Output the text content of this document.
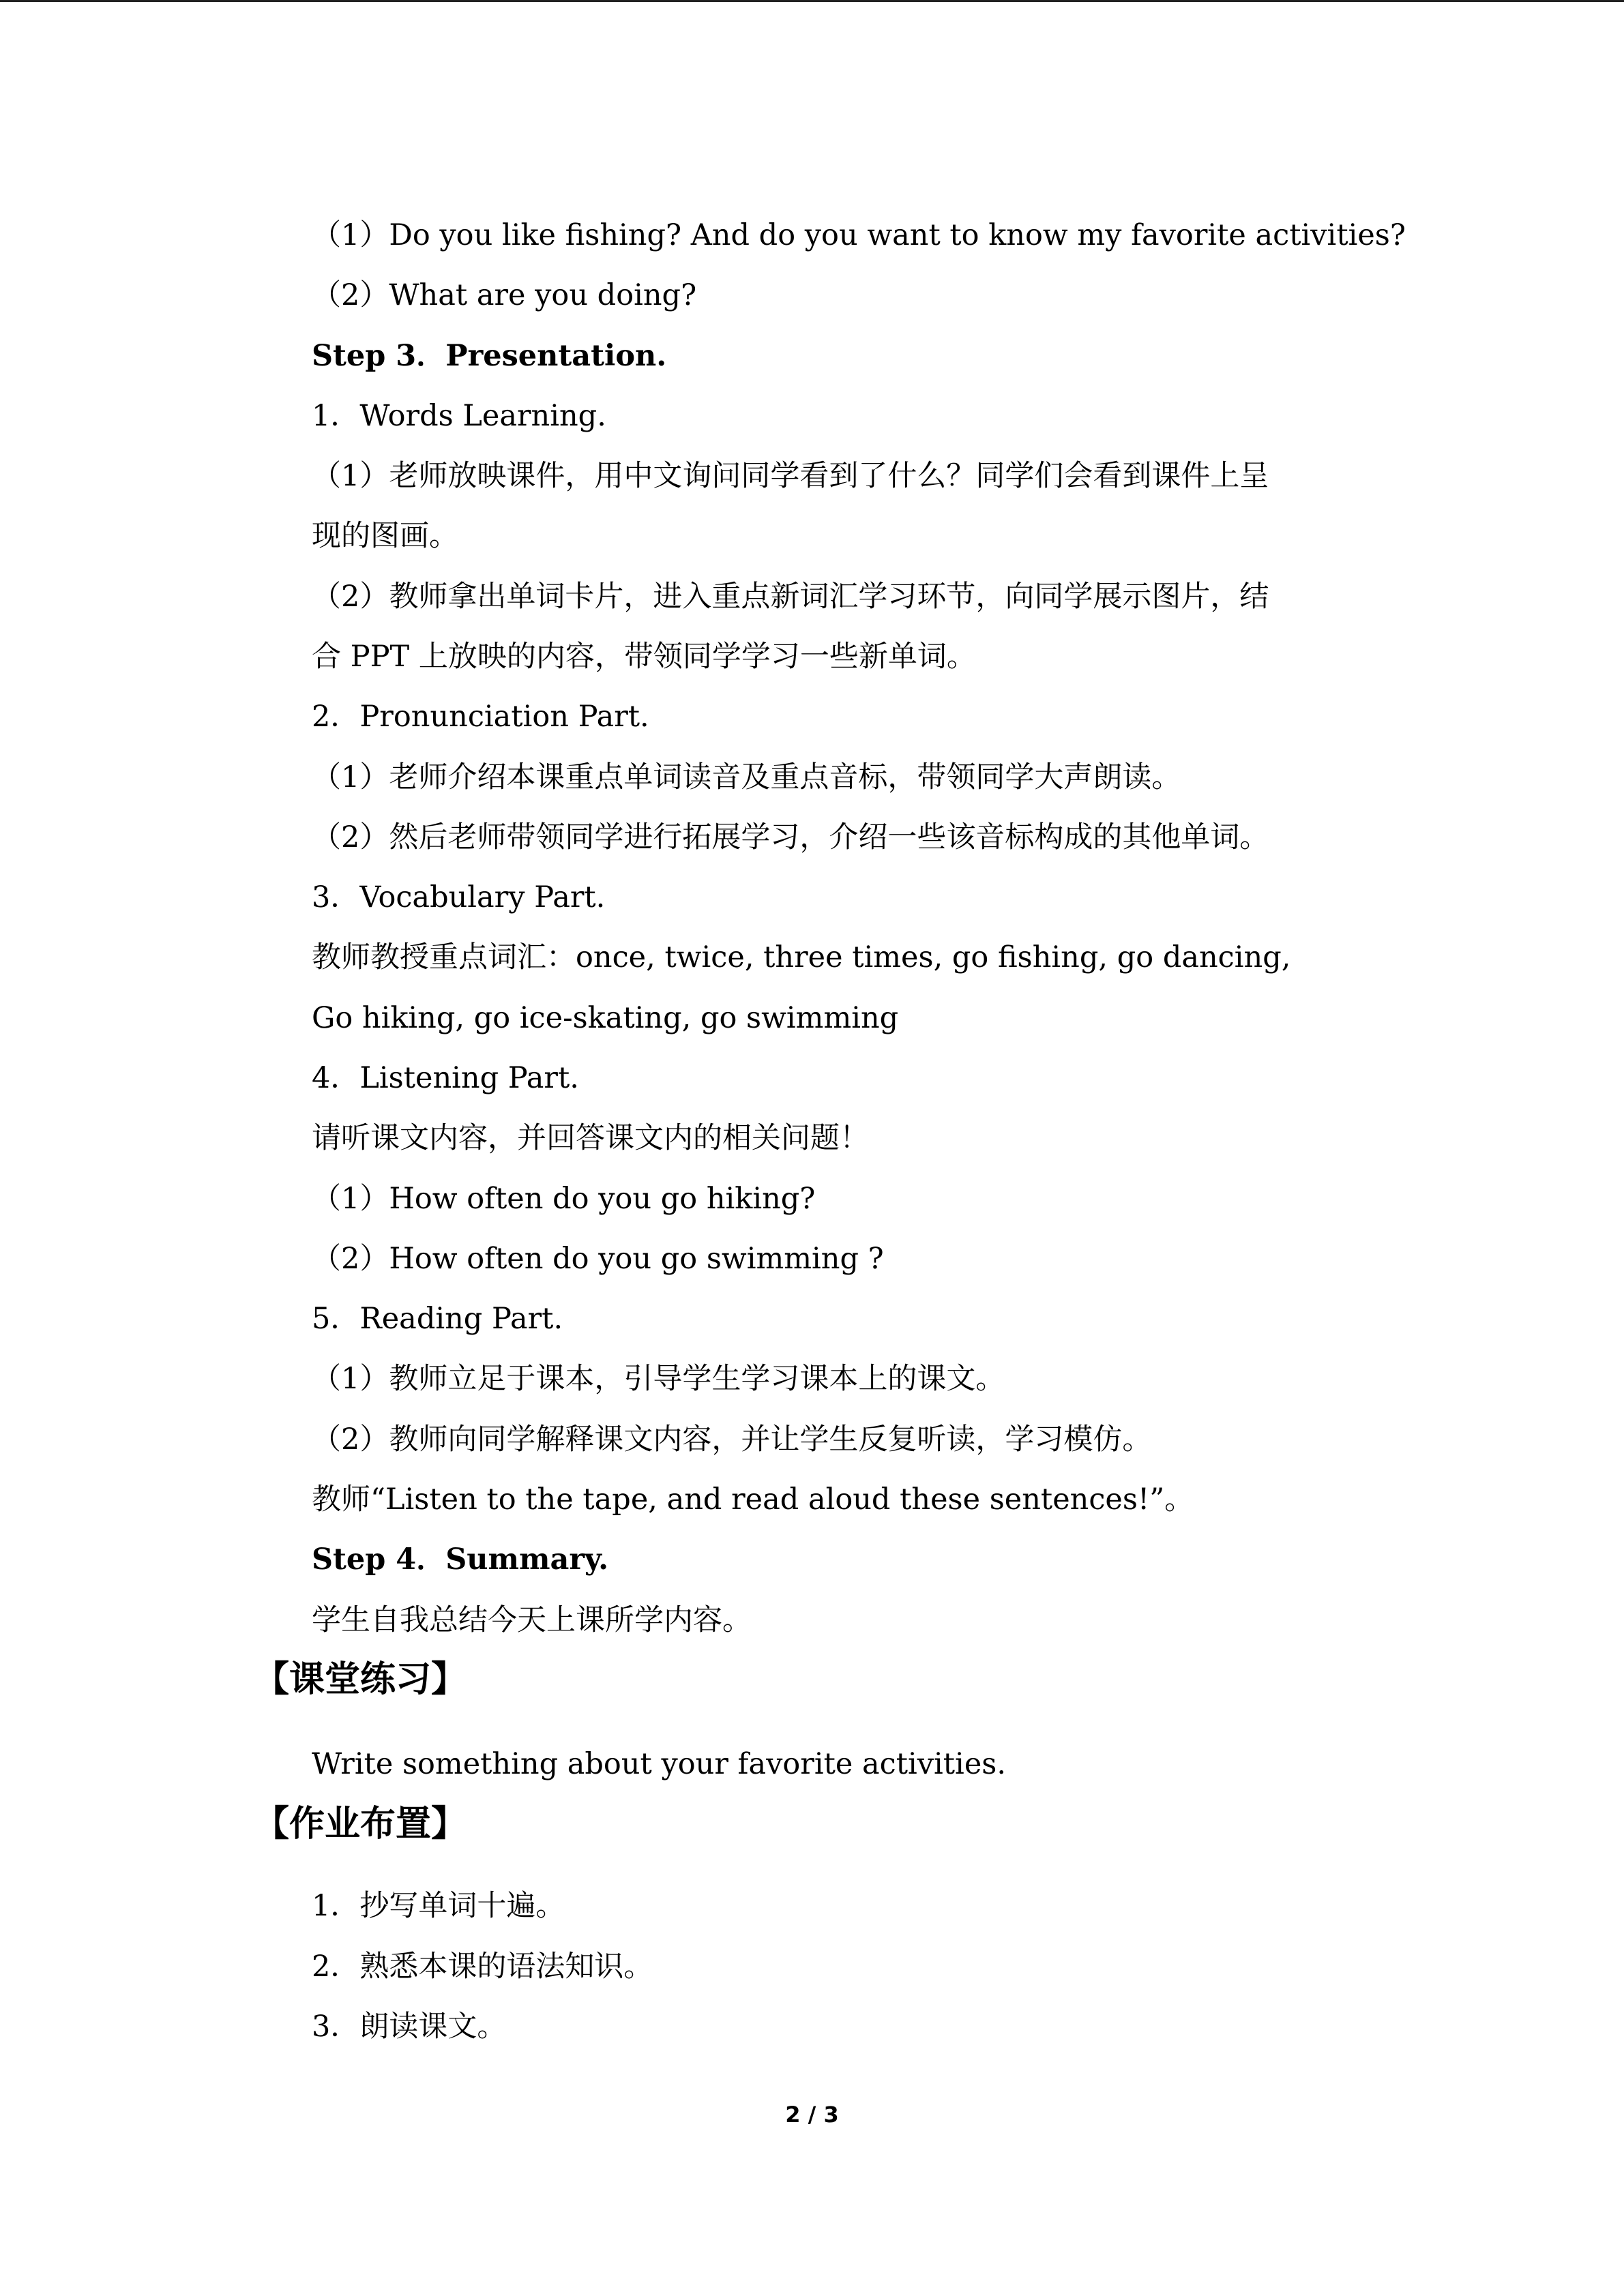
（1）Do you like fishing? And do you want to know my favorite activities?
（2）What are you doing?
Step 3．Presentation.
1．Words Learning.
（1）老师放映课件，用中文询问同学看到了什么？同学们会看到课件上呈
现的图画。
（2）教师拿出单词卡片，进入重点新词汇学习环节，向同学展示图片，结
合 PPT 上放映的内容，带领同学学习一些新单词。
2．Pronunciation Part.
（1）老师介绍本课重点单词读音及重点音标，带领同学大声朗读。
（2）然后老师带领同学进行拓展学习，介绍一些该音标构成的其他单词。
3．Vocabulary Part.
教师教授重点词汇：once, twice, three times, go fishing, go dancing,
Go hiking, go ice-skating, go swimming
4．Listening Part.
请听课文内容，并回答课文内的相关问题！
（1）How often do you go hiking?
（2）How often do you go swimming ?
5．Reading Part.
（1）教师立足于课本，引导学生学习课本上的课文。
（2）教师向同学解释课文内容，并让学生反复听读，学习模仿。
教师“Listen to the tape, and read aloud these sentences!”。
Step 4．Summary.
学生自我总结今天上课所学内容。
【课堂练习】
Write something about your favorite activities.
【作业布置】
1．抄写单词十遍。
2．熟悉本课的语法知识。
3．朗读课文。
2 / 3
